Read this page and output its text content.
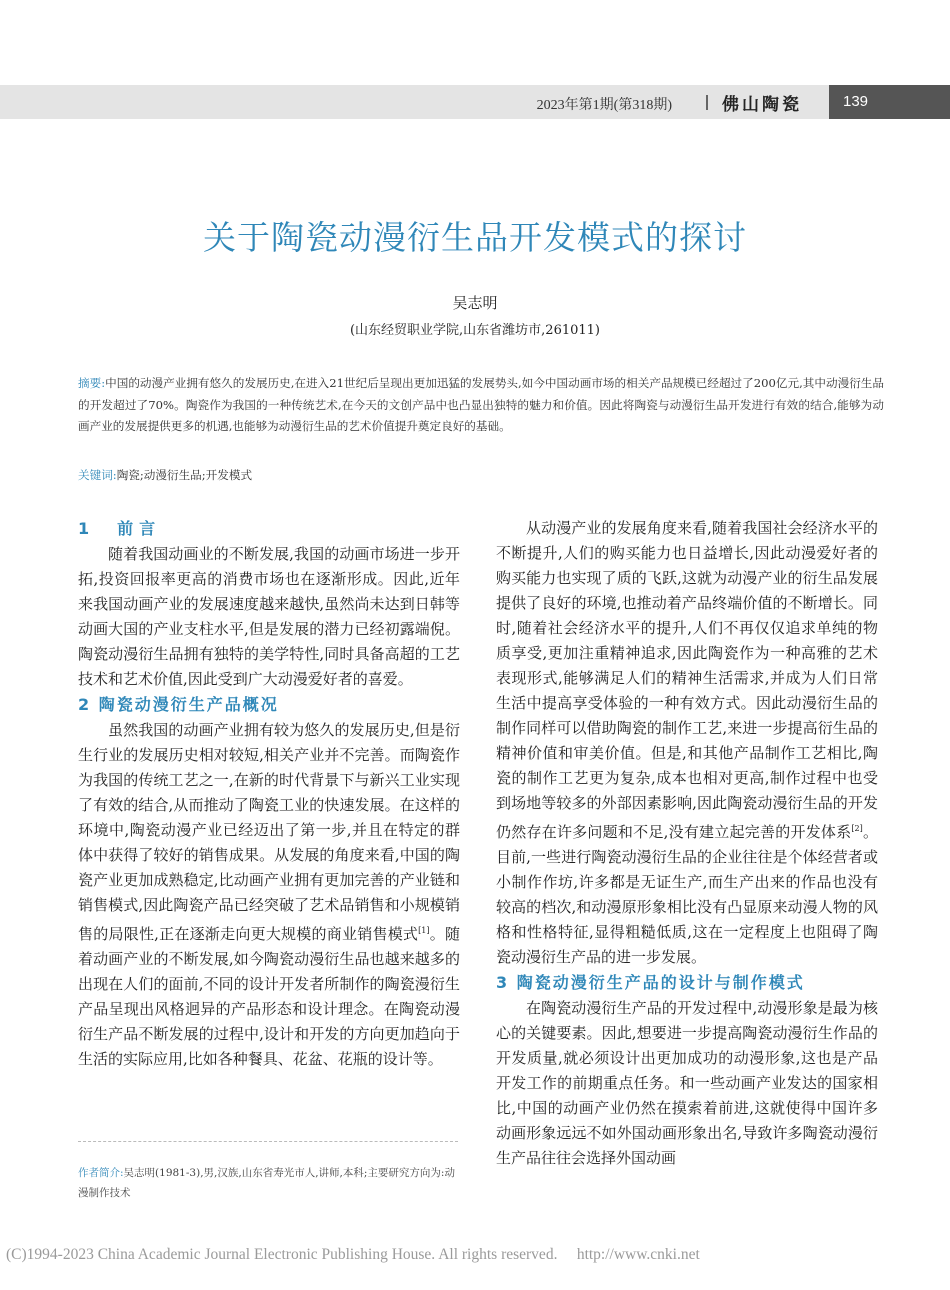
2023年第1期(第318期)	佛山陶瓷	139
关于陶瓷动漫衍生品开发模式的探讨
吴志明
(山东经贸职业学院,山东省潍坊市,261011)
摘要:中国的动漫产业拥有悠久的发展历史,在进入21世纪后呈现出更加迅猛的发展势头,如今中国动画市场的相关产品规模已经超过了200亿元,其中动漫衍生品的开发超过了70%。陶瓷作为我国的一种传统艺术,在今天的文创产品中也凸显出独特的魅力和价值。因此将陶瓷与动漫衍生品开发进行有效的结合,能够为动画产业的发展提供更多的机遇,也能够为动漫衍生品的艺术价值提升奠定良好的基础。
关键词:陶瓷;动漫衍生品;开发模式
1　前言

随着我国动画业的不断发展,我国的动画市场进一步开拓,投资回报率更高的消费市场也在逐渐形成。因此,近年来我国动画产业的发展速度越来越快,虽然尚未达到日韩等动画大国的产业支柱水平,但是发展的潜力已经初露端倪。陶瓷动漫衍生品拥有独特的美学特性,同时具备高超的工艺技术和艺术价值,因此受到广大动漫爱好者的喜爱。

2 陶瓷动漫衍生产品概况

虽然我国的动画产业拥有较为悠久的发展历史,但是衍生行业的发展历史相对较短,相关产业并不完善。而陶瓷作为我国的传统工艺之一,在新的时代背景下与新兴工业实现了有效的结合,从而推动了陶瓷工业的快速发展。在这样的环境中,陶瓷动漫产业已经迈出了第一步,并且在特定的群体中获得了较好的销售成果。从发展的角度来看,中国的陶瓷产业更加成熟稳定,比动画产业拥有更加完善的产业链和销售模式,因此陶瓷产品已经突破了艺术品销售和小规模销售的局限性,正在逐渐走向更大规模的商业销售模式[1]。随着动画产业的不断发展,如今陶瓷动漫衍生品也越来越多的出现在人们的面前,不同的设计开发者所制作的陶瓷漫衍生产品呈现出风格迥异的产品形态和设计理念。在陶瓷动漫衍生产品不断发展的过程中,设计和开发的方向更加趋向于生活的实际应用,比如各种餐具、花盆、花瓶的设计等。

作者简介:吴志明(1981-3),男,汉族,山东省寿光市人,讲师,本科;主要研究方向为:动漫制作技术

从动漫产业的发展角度来看,随着我国社会经济水平的不断提升,人们的购买能力也日益增长,因此动漫爱好者的购买能力也实现了质的飞跃,这就为动漫产业的衍生品发展提供了良好的环境,也推动着产品终端价值的不断增长。同时,随着社会经济水平的提升,人们不再仅仅追求单纯的物质享受,更加注重精神追求,因此陶瓷作为一种高雅的艺术表现形式,能够满足人们的精神生活需求,并成为人们日常生活中提高享受体验的一种有效方式。因此动漫衍生品的制作同样可以借助陶瓷的制作工艺,来进一步提高衍生品的精神价值和审美价值。但是,和其他产品制作工艺相比,陶瓷的制作工艺更为复杂,成本也相对更高,制作过程中也受到场地等较多的外部因素影响,因此陶瓷动漫衍生品的开发仍然存在许多问题和不足,没有建立起完善的开发体系[2]。目前,一些进行陶瓷动漫衍生品的企业往往是个体经营者或小制作作坊,许多都是无证生产,而生产出来的作品也没有较高的档次,和动漫原形象相比没有凸显原来动漫人物的风格和性格特征,显得粗糙低质,这在一定程度上也阻碍了陶瓷动漫衍生产品的进一步发展。

3 陶瓷动漫衍生产品的设计与制作模式

在陶瓷动漫衍生产品的开发过程中,动漫形象是最为核心的关键要素。因此,想要进一步提高陶瓷动漫衍生作品的开发质量,就必须设计出更加成功的动漫形象,这也是产品开发工作的前期重点任务。和一些动画产业发达的国家相比,中国的动画产业仍然在摸索着前进,这就使得中国许多动画形象远远不如外国动画形象出名,导致许多陶瓷动漫衍生产品往往会选择外国动画

(C)1994-2023 China Academic Journal Electronic Publishing House. All rights reserved.　 http://www.cnki.net
